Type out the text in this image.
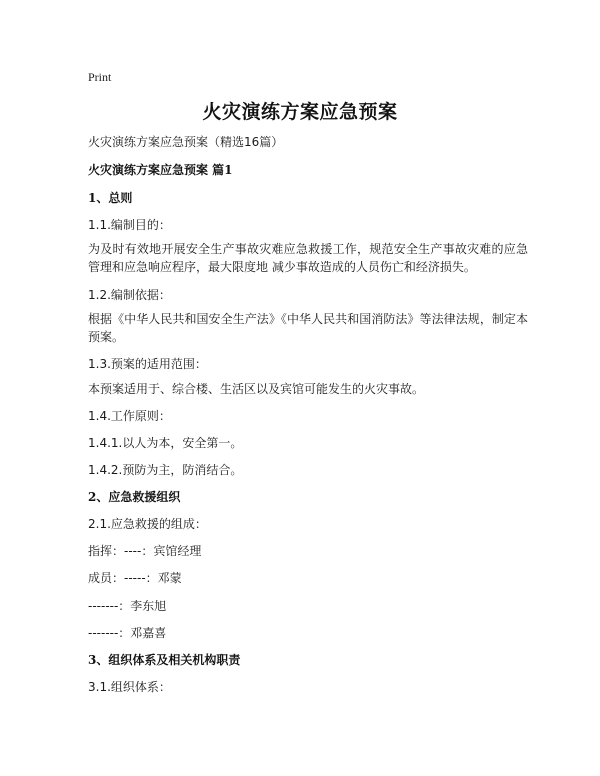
Print
火灾演练方案应急预案
火灾演练方案应急预案（精选16篇）
火灾演练方案应急预案 篇1
1、总则
1.1.编制目的：
为及时有效地开展安全生产事故灾难应急救援工作，规范安全生产事故灾难的应急管理和应急响应程序，最大限度地 减少事故造成的人员伤亡和经济损失。
1.2.编制依据：
根据《中华人民共和国安全生产法》《中华人民共和国消防法》等法律法规，制定本预案。
1.3.预案的适用范围：
本预案适用于、综合楼、生活区以及宾馆可能发生的火灾事故。
1.4.工作原则：
1.4.1.以人为本，安全第一。
1.4.2.预防为主，防消结合。
2、应急救援组织
2.1.应急救援的组成：
指挥：----：宾馆经理
成员：-----：邓蒙
-------：李东旭
-------：邓嘉喜
3、组织体系及相关机构职责
3.1.组织体系：
